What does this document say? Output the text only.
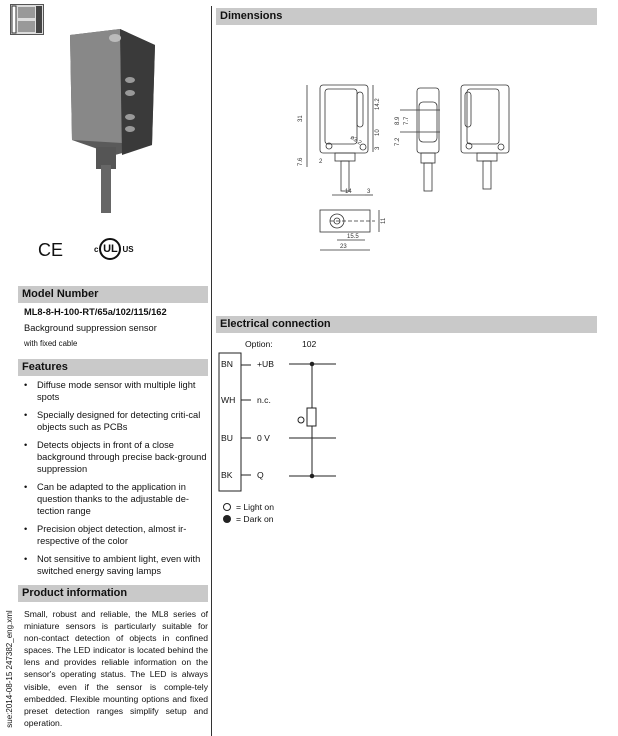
CE	c UL US
Model Number
ML8-8-H-100-RT/65a/102/115/162
Background suppression sensor
with fixed cable
Features
• Diffuse mode sensor with multiple light spots
• Specially designed for detecting criti-cal objects such as PCBs
• Detects objects in front of a close background through precise back-ground suppression
• Can be adapted to the application in question thanks to the adjustable de-tection range
• Precision object detection, almost ir-respective of the color
• Not sensitive to ambient light, even with switched energy saving lamps
Product information
Small, robust and reliable, the ML8 series of miniature sensors is particularly suitable for non-contact detection of objects in confined spaces. The LED indicator is located behind the lens and provides reliable information on the sensor's operating status. The LED is always visible, even if the sensor is comple-tely embedded. Flexible mounting options and fixed preset detection ranges simplify setup and operation.
sue:2014-08-15 247382_eng.xml
Dimensions
31
14.2
10
3
7.6	2
14	3
8.9 7.7
7.2
ø3.2
11
15.5
23
Electrical connection
Option:	102
BN	+UB
WH	n.c.
BU	0 V
BK	Q
= Light on
= Dark on
